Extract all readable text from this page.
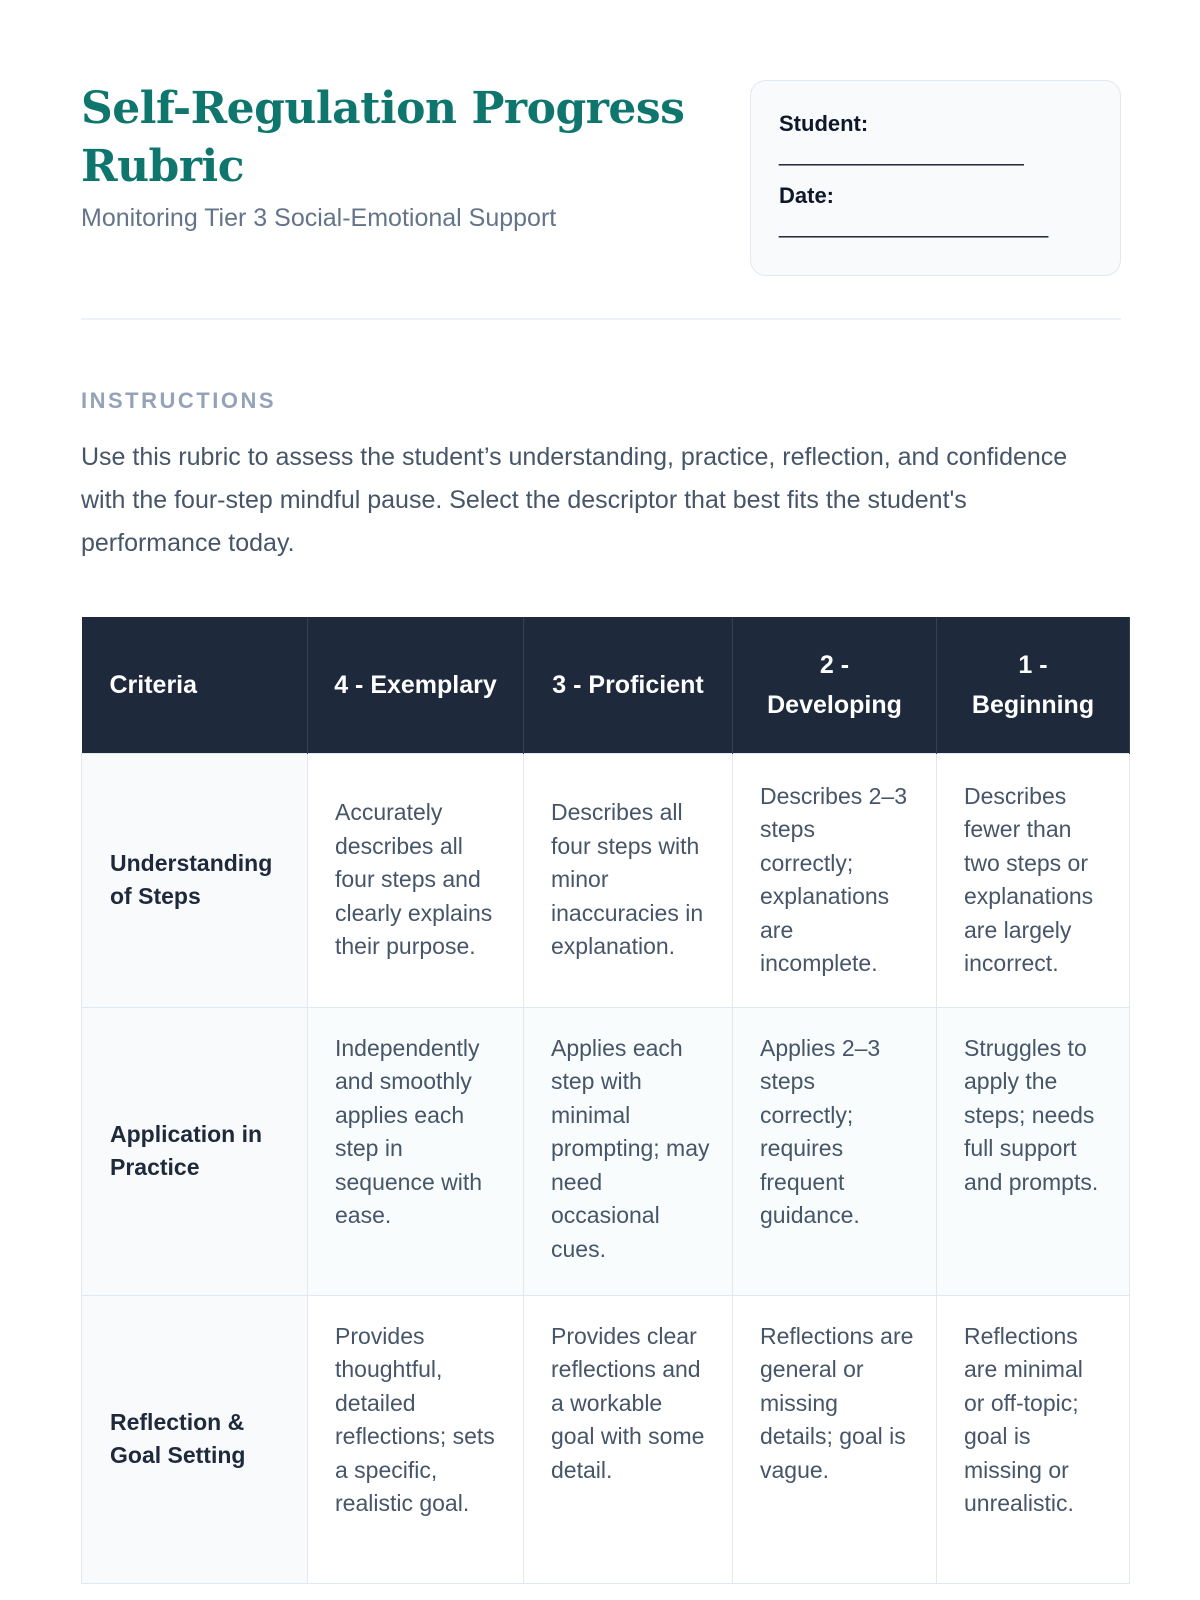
Self-Regulation Progress Rubric
Monitoring Tier 3 Social-Emotional Support
Student:
____________________
Date:
______________________
INSTRUCTIONS

Use this rubric to assess the student’s understanding, practice, reflection, and confidence with the four-step mindful pause. Select the descriptor that best fits the student's performance today.

Criteria	4 - Exemplary	3 - Proficient	2 - Developing	1 - Beginning
Understanding of Steps	Accurately describes all four steps and clearly explains their purpose.	Describes all four steps with minor inaccuracies in explanation.	Describes 2–3 steps correctly; explanations are incomplete.	Describes fewer than two steps or explanations are largely incorrect.
Application in Practice	Independently and smoothly applies each step in sequence with ease.	Applies each step with minimal prompting; may need occasional cues.	Applies 2–3 steps correctly; requires frequent guidance.	Struggles to apply the steps; needs full support and prompts.
Reflection & Goal Setting	Provides thoughtful, detailed reflections; sets a specific, realistic goal.	Provides clear reflections and a workable goal with some detail.	Reflections are general or missing details; goal is vague.	Reflections are minimal or off-topic; goal is missing or unrealistic.
